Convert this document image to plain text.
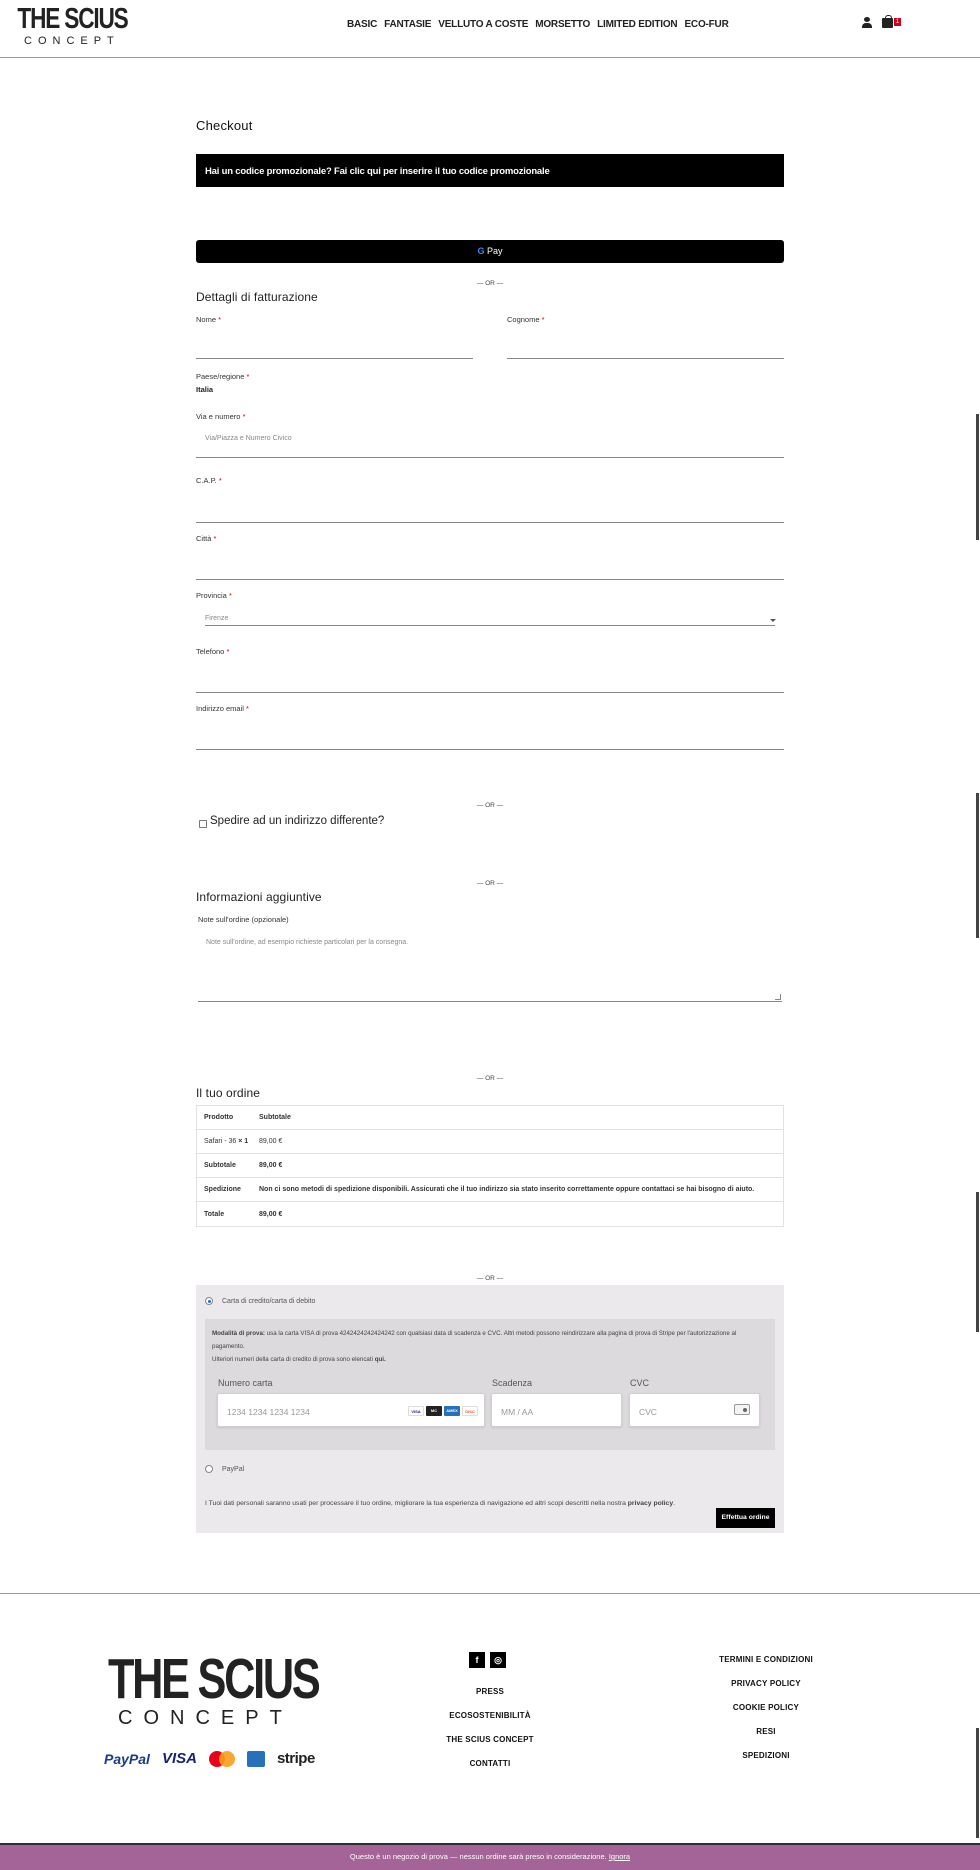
THE SCIUS
CONCEPT
BASIC FANTASIE VELLUTO A COSTE MORSETTO LIMITED EDITION ECO-FUR	1
Checkout
Hai un codice promozionale? Fai clic qui per inserire il tuo codice promozionale
G Pay
— OR —
Dettagli di fatturazione
Nome *	Cognome *
Paese/regione *
Italia
Via e numero *
Via/Piazza e Numero Civico
C.A.P. *
Città *
Provincia *
Firenze
Telefono *
Indirizzo email *
— OR —
Spedire ad un indirizzo differente?
— OR —
Informazioni aggiuntive
Note sull'ordine (opzionale)
Note sull'ordine, ad esempio richieste particolari per la consegna.
— OR —
Il tuo ordine
Prodotto	Subtotale
Safari - 36 × 1	89,00 €
Subtotale	89,00 €
Spedizione	Non ci sono metodi di spedizione disponibili. Assicurati che il tuo indirizzo sia stato inserito correttamente oppure contattaci se hai bisogno di aiuto.
Totale	89,00 €
— OR —
Carta di credito/carta di debito
Modalità di prova: usa la carta VISA di prova 4242424242424242 con qualsiasi data di scadenza e CVC. Altri metodi possono reindirizzare alla pagina di prova di Stripe per l'autorizzazione al pagamento.
Ulteriori numeri della carta di credito di prova sono elencati qui.
Numero carta
1234 1234 1234 1234	VISA	MC	AMEX	DISC
Scadenza
MM / AA
CVC
CVC
PayPal
I Tuoi dati personali saranno usati per processare il tuo ordine, migliorare la tua esperienza di navigazione ed altri scopi descritti nella nostra privacy policy.
Effettua ordine
THE SCIUS
CONCEPT
PayPal VISA	stripe
f	◎
PRESS
ECOSOSTENIBILITÀ
THE SCIUS CONCEPT
CONTATTI
TERMINI E CONDIZIONI
PRIVACY POLICY
COOKIE POLICY
RESI
SPEDIZIONI
Questo è un negozio di prova — nessun ordine sarà preso in considerazione. Ignora
